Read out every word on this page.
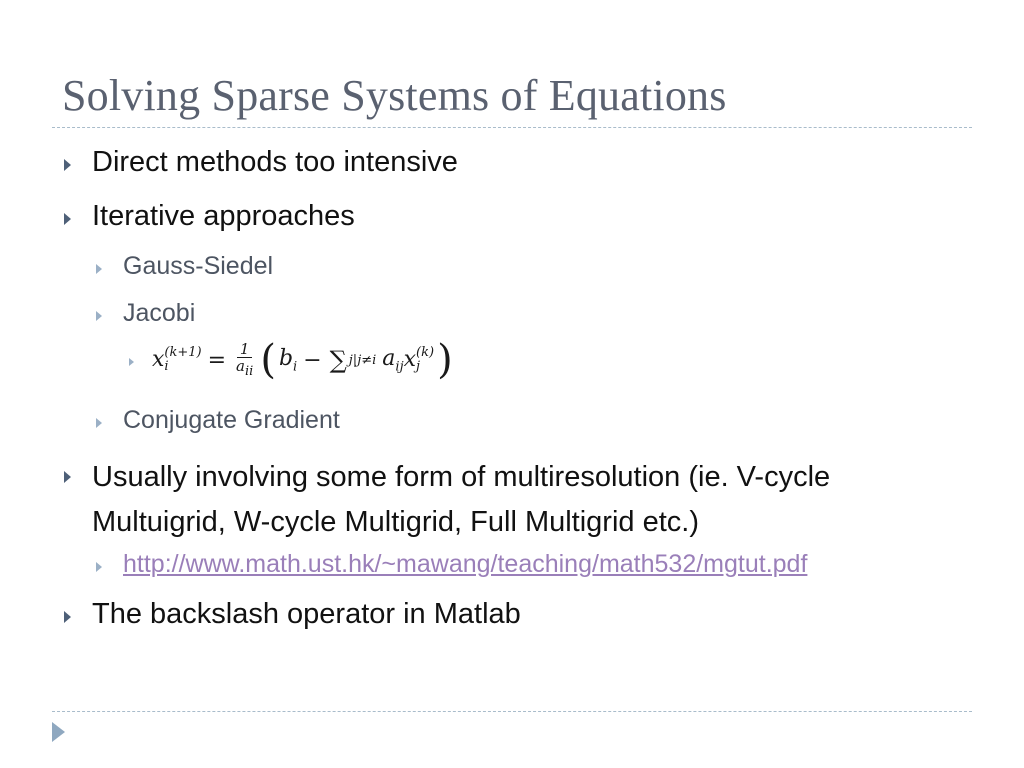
Solving Sparse Systems of Equations
Direct methods too intensive
Iterative approaches
Gauss-Siedel
Jacobi
x (k+1)
i	= $\frac{1}{a_{ii}}$ ( $b_i$ − ∑ j|j≠i $a_{ij}$ x (k)
j )
Conjugate Gradient
Usually involving some form of multiresolution (ie. V-cycle
Multuigrid, W-cycle Multigrid, Full Multigrid etc.)
http://www.math.ust.hk/~mawang/teaching/math532/mgtut.pdf
The backslash operator in Matlab
